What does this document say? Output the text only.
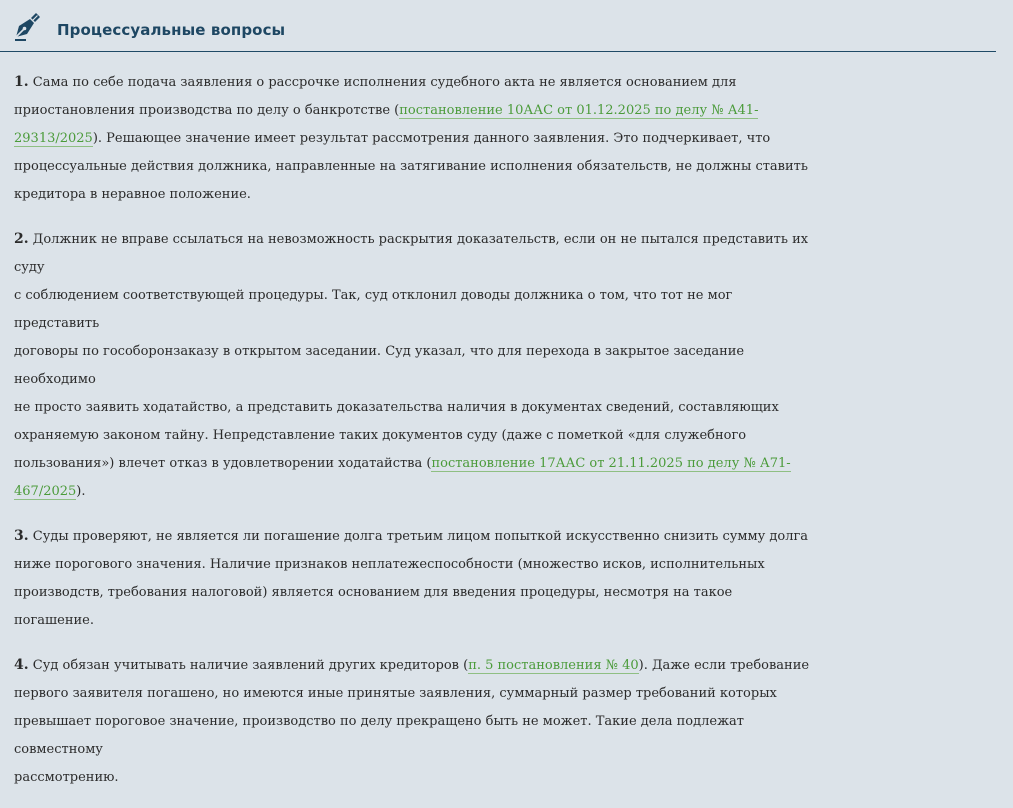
Процессуальные вопросы

1. Сама по себе подача заявления о рассрочке исполнения судебного акта не является основанием для
приостановления производства по делу о банкротстве (постановление 10ААС от 01.12.2025 по делу № А41-
29313/2025). Решающее значение имеет результат рассмотрения данного заявления. Это подчеркивает, что
процессуальные действия должника, направленные на затягивание исполнения обязательств, не должны ставить
кредитора в неравное положение.

2. Должник не вправе ссылаться на невозможность раскрытия доказательств, если он не пытался представить их суду
с соблюдением соответствующей процедуры. Так, суд отклонил доводы должника о том, что тот не мог представить
договоры по гособоронзаказу в открытом заседании. Суд указал, что для перехода в закрытое заседание необходимо
не просто заявить ходатайство, а представить доказательства наличия в документах сведений, составляющих
охраняемую законом тайну. Непредставление таких документов суду (даже с пометкой «для служебного
пользования») влечет отказ в удовлетворении ходатайства (постановление 17ААС от 21.11.2025 по делу № А71-
467/2025).

3. Суды проверяют, не является ли погашение долга третьим лицом попыткой искусственно снизить сумму долга
ниже порогового значения. Наличие признаков неплатежеспособности (множество исков, исполнительных
производств, требования налоговой) является основанием для введения процедуры, несмотря на такое погашение.

4. Суд обязан учитывать наличие заявлений других кредиторов (п. 5 постановления № 40). Даже если требование
первого заявителя погашено, но имеются иные принятые заявления, суммарный размер требований которых
превышает пороговое значение, производство по делу прекращено быть не может. Такие дела подлежат совместному
рассмотрению.
